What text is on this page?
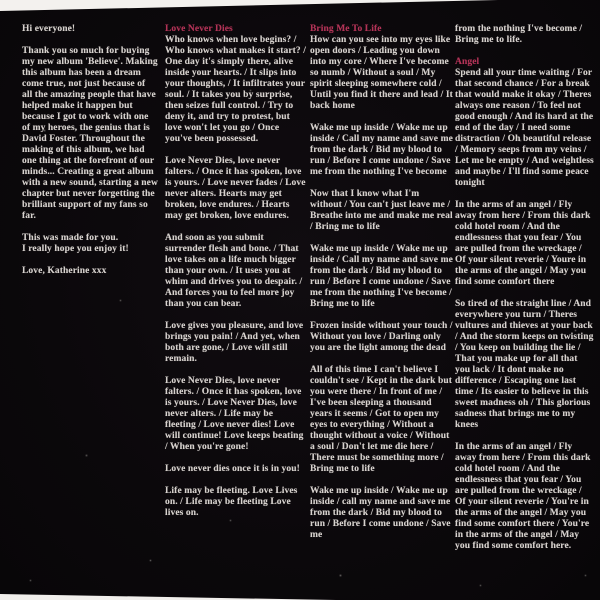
Hi everyone!

Thank you so much for buying my new album 'Believe'. Making this album has been a dream come true, not just because of all the amazing people that have helped make it happen but because I got to work with one of my heroes, the genius that is David Foster. Throughout the making of this album, we had one thing at the forefront of our minds... Creating a great album with a new sound, starting a new chapter but never forgetting the brilliant support of my fans so far.

This was made for you.
I really hope you enjoy it!

Love, Katherine xxx

Love Never Dies

Who knows when love begins? / Who knows what makes it start? / One day it's simply there, alive inside your hearts. / It slips into your thoughts, / It infiltrates your soul. / It takes you by surprise, then seizes full control. / Try to deny it, and try to protest, but love won't let you go / Once you've been possessed.

Love Never Dies, love never falters. / Once it has spoken, love is yours. / Love never fades / Love never alters. Hearts may get broken, love endures. / Hearts may get broken, love endures.

And soon as you submit surrender flesh and bone. / That love takes on a life much bigger than your own. / It uses you at whim and drives you to despair. / And forces you to feel more joy than you can bear.

Love gives you pleasure, and love brings you pain! / And yet, when both are gone, / Love will still remain.

Love Never Dies, love never falters. / Once it has spoken, love is yours. / Love Never Dies, love never alters. / Life may be fleeting / Love never dies! Love will continue! Love keeps beating / When you're gone!

Love never dies once it is in you!

Life may be fleeting. Love Lives on. / Life may be fleeting Love lives on.

Bring Me To Life

How can you see into my eyes like open doors / Leading you down into my core / Where I've become so numb / Without a soul / My spirit sleeping somewhere cold / Until you find it there and lead / It back home

Wake me up inside / Wake me up inside / Call my name and save me from the dark / Bid my blood to run / Before I come undone / Save me from the nothing I've become

Now that I know what I'm without / You can't just leave me / Breathe into me and make me real / Bring me to life

Wake me up inside / Wake me up inside / Call my name and save me from the dark / Bid my blood to run / Before I come undone / Save me from the nothing I've become / Bring me to life

Frozen inside without your touch / Without you love / Darling only you are the light among the dead

All of this time I can't believe I couldn't see / Kept in the dark but you were there / In front of me / I've been sleeping a thousand years it seems / Got to open my eyes to everything / Without a thought without a voice / Without a soul / Don't let me die here / There must be something more / Bring me to life

Wake me up inside / Wake me up inside / call my name and save me from the dark / Bid my blood to run / Before I come undone / Save me

from the nothing I've become / Bring me to life.

Angel

Spend all your time waiting / For that second chance / For a break that would make it okay / Theres always one reason / To feel not good enough / And its hard at the end of the day / I need some distraction / Oh beautiful release / Memory seeps from my veins / Let me be empty / And weightless and maybe / I'll find some peace tonight

In the arms of an angel / Fly away from here / From this dark cold hotel room / And the endlessness that you fear / You are pulled from the wreckage / Of your silent reverie / Youre in the arms of the angel / May you find some comfort there

So tired of the straight line / And everywhere you turn / Theres vultures and thieves at your back / And the storm keeps on twisting / You keep on building the lie / That you make up for all that you lack / It dont make no difference / Escaping one last time / Its easier to believe in this sweet madness oh / This glorious sadness that brings me to my knees

In the arms of an angel / Fly away from here / From this dark cold hotel room / And the endlessness that you fear / You are pulled from the wreckage / Of your silent reverie / You're in the arms of the angel / May you find some comfort there / You're in the arms of the angel / May you find some comfort here.
